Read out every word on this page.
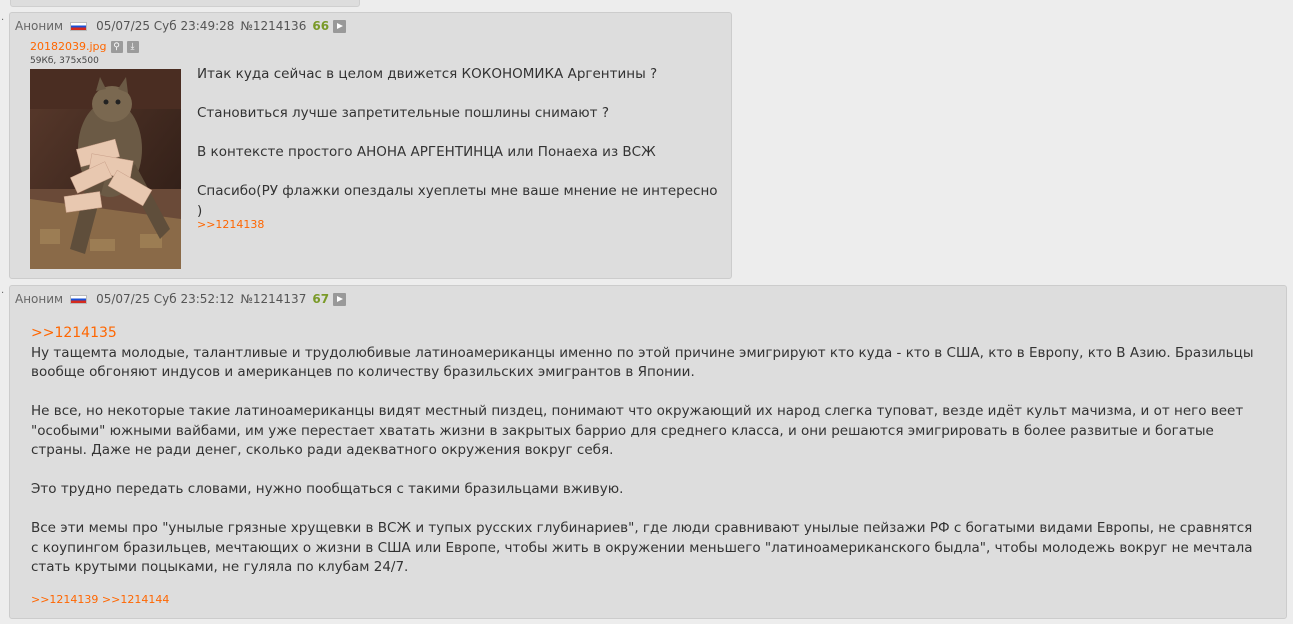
· Аноним	05/07/25 Суб 23:49:28 №1214136 66
20182039.jpg ⚲	⤓
59Кб, 375x500

Итак куда сейчас в целом движется КОКОНОМИКА Аргентины ?

Становиться лучше запретительные пошлины снимают ?

В контексте простого АНОНА АРГЕНТИНЦА или Понаеха из ВСЖ

Спасибо(РУ флажки опездалы хуеплеты мне ваше мнение не интересно )

>>1214138
· Аноним	05/07/25 Суб 23:52:12 №1214137 67

>>1214135

Ну тащемта молодые, талантливые и трудолюбивые латиноамериканцы именно по этой причине эмигрируют кто куда - кто в США, кто в Европу, кто В Азию. Бразильцы вообще обгоняют индусов и американцев по количеству бразильских эмигрантов в Японии.

Не все, но некоторые такие латиноамериканцы видят местный пиздец, понимают что окружающий их народ слегка туповат, везде идёт культ мачизма, и от него веет "особыми" южными вайбами, им уже перестает хватать жизни в закрытых баррио для среднего класса, и они решаются эмигрировать в более развитые и богатые страны. Даже не ради денег, сколько ради адекватного окружения вокруг себя.

Это трудно передать словами, нужно пообщаться с такими бразильцами вживую.

Все эти мемы про "унылые грязные хрущевки в ВСЖ и тупых русских глубинариев", где люди сравнивают унылые пейзажи РФ с богатыми видами Европы, не сравнятся с коупингом бразильцев, мечтающих о жизни в США или Европе, чтобы жить в окружении меньшего "латиноамериканского быдла", чтобы молодежь вокруг не мечтала стать крутыми поцыками, не гуляла по клубам 24/7.

>>1214139 >>1214144
